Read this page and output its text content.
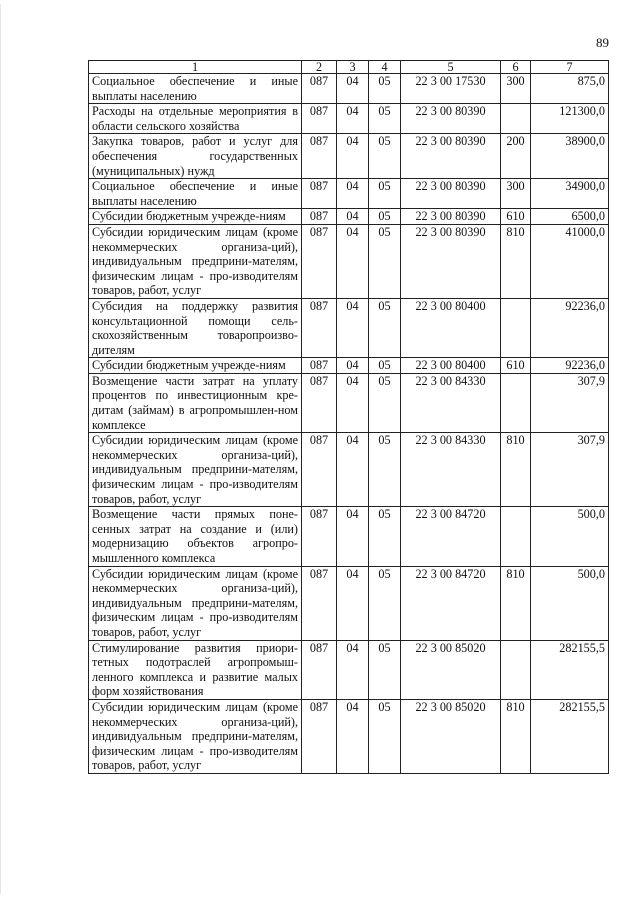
89
1	2	3	4	5	6	7
Социальное обеспечение и иные выплаты населению	087	04	05	22 3 00 17530	300	875,0
Расходы на отдельные мероприятия в области сельского хозяйства	087	04	05	22 3 00 80390		121300,0
Закупка товаров, работ и услуг для обеспечения государственных (муниципальных) нужд	087	04	05	22 3 00 80390	200	38900,0
Социальное обеспечение и иные выплаты населению	087	04	05	22 3 00 80390	300	34900,0
Субсидии бюджетным учрежде-ниям	087	04	05	22 3 00 80390	610	6500,0
Субсидии юридическим лицам (кроме некоммерческих организа-ций), индивидуальным предприни-мателям, физическим лицам - про-изводителям товаров, работ, услуг	087	04	05	22 3 00 80390	810	41000,0
Субсидия на поддержку развития консультационной помощи сель-скохозяйственным товаропроизво-дителям	087	04	05	22 3 00 80400		92236,0
Субсидии бюджетным учрежде-ниям	087	04	05	22 3 00 80400	610	92236,0
Возмещение части затрат на уплату процентов по инвестиционным кре-дитам (займам) в агропромышлен-ном комплексе	087	04	05	22 3 00 84330		307,9
Субсидии юридическим лицам (кроме некоммерческих организа-ций), индивидуальным предприни-мателям, физическим лицам - про-изводителям товаров, работ, услуг	087	04	05	22 3 00 84330	810	307,9
Возмещение части прямых поне-сенных затрат на создание и (или) модернизацию объектов агропро-мышленного комплекса	087	04	05	22 3 00 84720		500,0
Субсидии юридическим лицам (кроме некоммерческих организа-ций), индивидуальным предприни-мателям, физическим лицам - про-изводителям товаров, работ, услуг	087	04	05	22 3 00 84720	810	500,0
Стимулирование развития приори-тетных подотраслей агропромыш-ленного комплекса и развитие малых форм хозяйствования	087	04	05	22 3 00 85020		282155,5
Субсидии юридическим лицам (кроме некоммерческих организа-ций), индивидуальным предприни-мателям, физическим лицам - про-изводителям товаров, работ, услуг	087	04	05	22 3 00 85020	810	282155,5
